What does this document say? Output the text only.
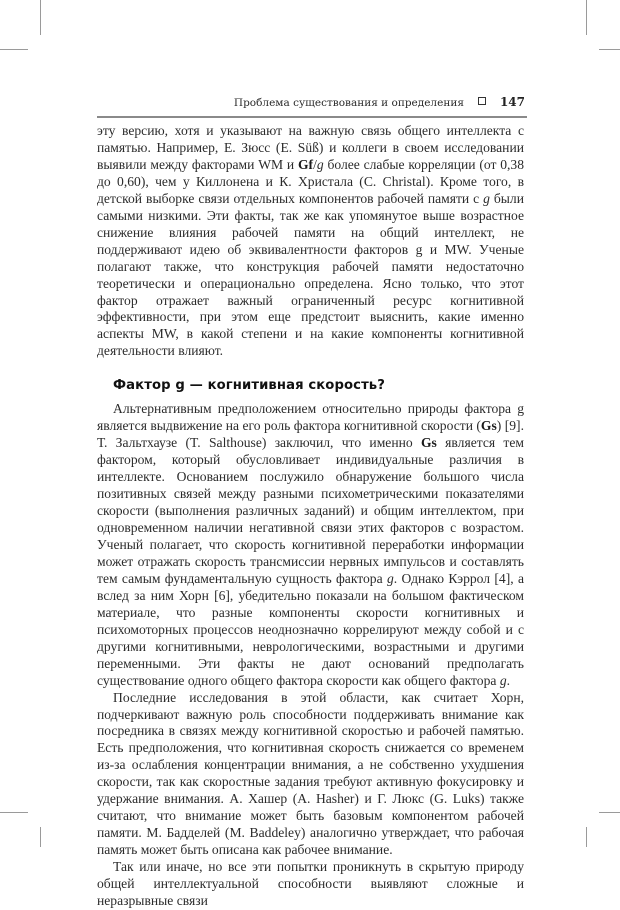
Проблема существования и определения	147

эту версию, хотя и указывают на важную связь общего интеллекта с памятью. Например, Е. Зюсс (E. Süß) и коллеги в своем исследовании выявили между факторами WM и Gf/g более слабые корреляции (от 0,38 до 0,60), чем у Киллонена и К. Христала (C. Christal). Кроме того, в детской выборке связи отдельных компонентов рабочей памяти с g были самыми низкими. Эти факты, так же как упомянутое выше возрастное снижение влияния рабочей памяти на общий интеллект, не поддерживают идею об эквивалентности факторов g и MW. Ученые полагают также, что конструкция рабочей памяти недостаточно теоретически и операционально определена. Ясно только, что этот фактор отражает важный ограниченный ресурс когнитивной эффективности, при этом еще предстоит выяснить, какие именно аспекты MW, в какой степени и на какие компоненты когнитивной деятельности влияют.

Фактор g — когнитивная скорость?

Альтернативным предположением относительно природы фактора g является выдвижение на его роль фактора когнитивной скорости (Gs) [9]. Т. Зальтхаузе (T. Salthouse) заключил, что именно Gs является тем фактором, который обусловливает индивидуальные различия в интеллекте. Основанием послужило обнаружение большого числа позитивных связей между разными психометрическими показателями скорости (выполнения различных заданий) и общим интеллектом, при одновременном наличии негативной связи этих факторов с возрастом. Ученый полагает, что скорость когнитивной переработки информации может отражать скорость трансмиссии нервных импульсов и составлять тем самым фундаментальную сущность фактора g. Однако Кэррол [4], а вслед за ним Хорн [6], убедительно показали на большом фактическом материале, что разные компоненты скорости когнитивных и психомоторных процессов неоднозначно коррелируют между собой и с другими когнитивными, неврологическими, возрастными и другими переменными. Эти факты не дают оснований предполагать существование одного общего фактора скорости как общего фактора g.

Последние исследования в этой области, как считает Хорн, подчеркивают важную роль способности поддерживать внимание как посредника в связях между когнитивной скоростью и рабочей памятью. Есть предположения, что когнитивная скорость снижается со временем из-за ослабления концентрации внимания, а не собственно ухудшения скорости, так как скоростные задания требуют активную фокусировку и удержание внимания. А. Хашер (A. Hasher) и Г. Люкс (G. Luks) также считают, что внимание может быть базовым компонентом рабочей памяти. М. Бадделей (M. Baddeley) аналогично утверждает, что рабочая память может быть описана как рабочее внимание.

Так или иначе, но все эти попытки проникнуть в скрытую природу общей интеллектуальной способности выявляют сложные и неразрывные связи
